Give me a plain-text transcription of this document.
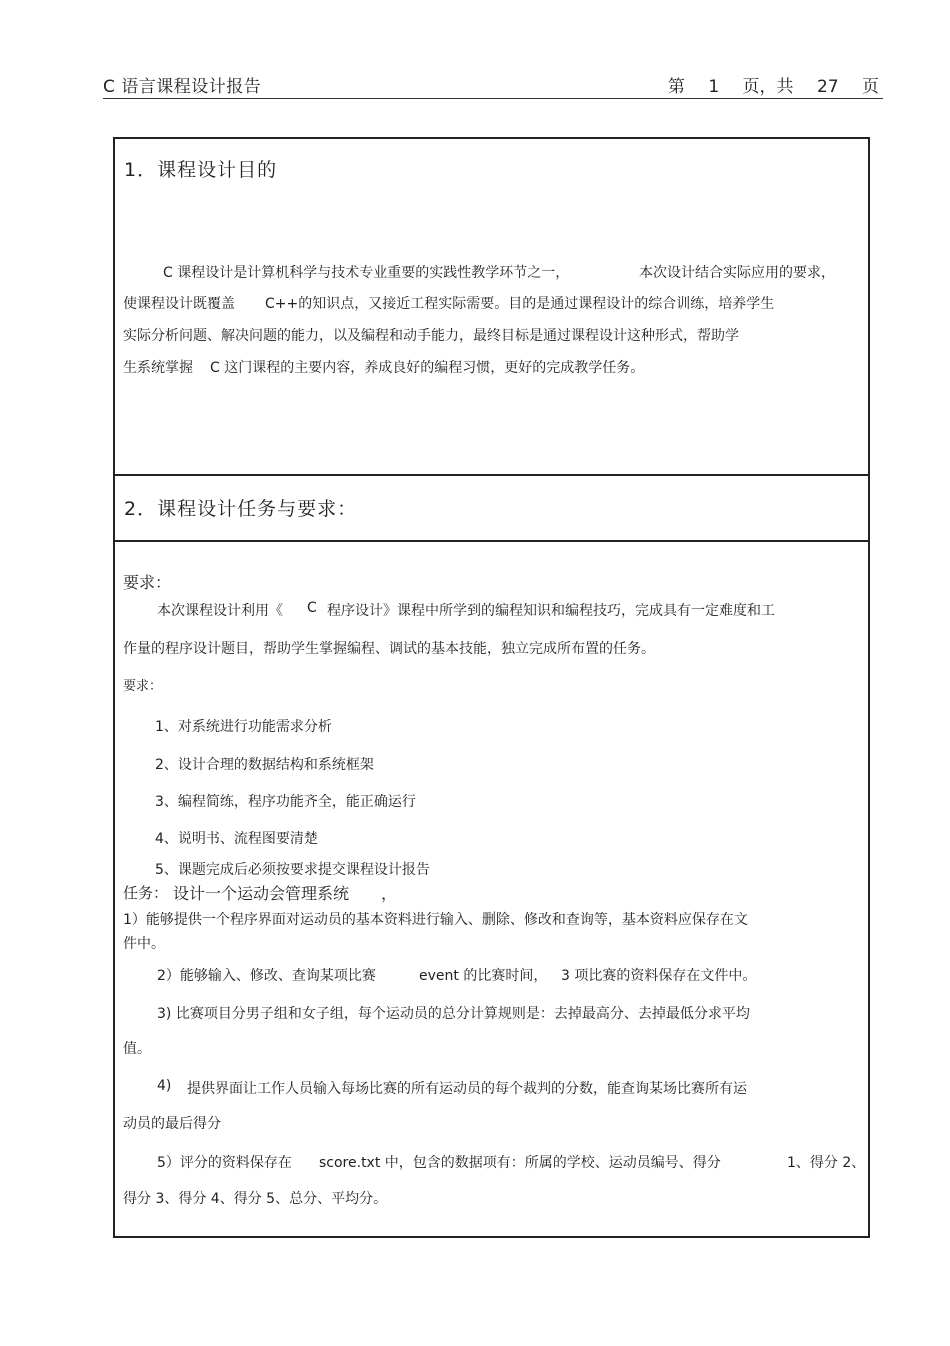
C 语言课程设计报告	第 1 页，共 27 页
1．课程设计目的
C 课程设计是计算机科学与技术专业重要的实践性教学环节之一，	本次设计结合实际应用的要求，
使课程设计既覆盖 C++的知识点，又接近工程实际需要。目的是通过课程设计的综合训练，培养学生
实际分析问题、解决问题的能力，以及编程和动手能力，最终目标是通过课程设计这种形式，帮助学
生系统掌握 C 这门课程的主要内容，养成良好的编程习惯，更好的完成教学任务。
2．课程设计任务与要求：
要求：
本次课程设计利用《 C 程序设计》课程中所学到的编程知识和编程技巧，完成具有一定难度和工
作量的程序设计题目，帮助学生掌握编程、调试的基本技能，独立完成所布置的任务。
要求：
1、对系统进行功能需求分析
2、设计合理的数据结构和系统框架
3、编程简练，程序功能齐全，能正确运行
4、说明书、流程图要清楚
5、课题完成后必须按要求提交课程设计报告
任务： 设计一个运动会管理系统 ，
1）能够提供一个程序界面对运动员的基本资料进行输入、删除、修改和查询等，基本资料应保存在文
件中。
2）能够输入、修改、查询某项比赛	event 的比赛时间， 3 项比赛的资料保存在文件中。
3) 比赛项目分男子组和女子组，每个运动员的总分计算规则是：去掉最高分、去掉最低分求平均
值。
4) 提供界面让工作人员输入每场比赛的所有运动员的每个裁判的分数，能查询某场比赛所有运
动员的最后得分
5）评分的资料保存在 score.txt 中，包含的数据项有：所属的学校、运动员编号、得分	1、得分 2、
得分 3、得分 4、得分 5、总分、平均分。
